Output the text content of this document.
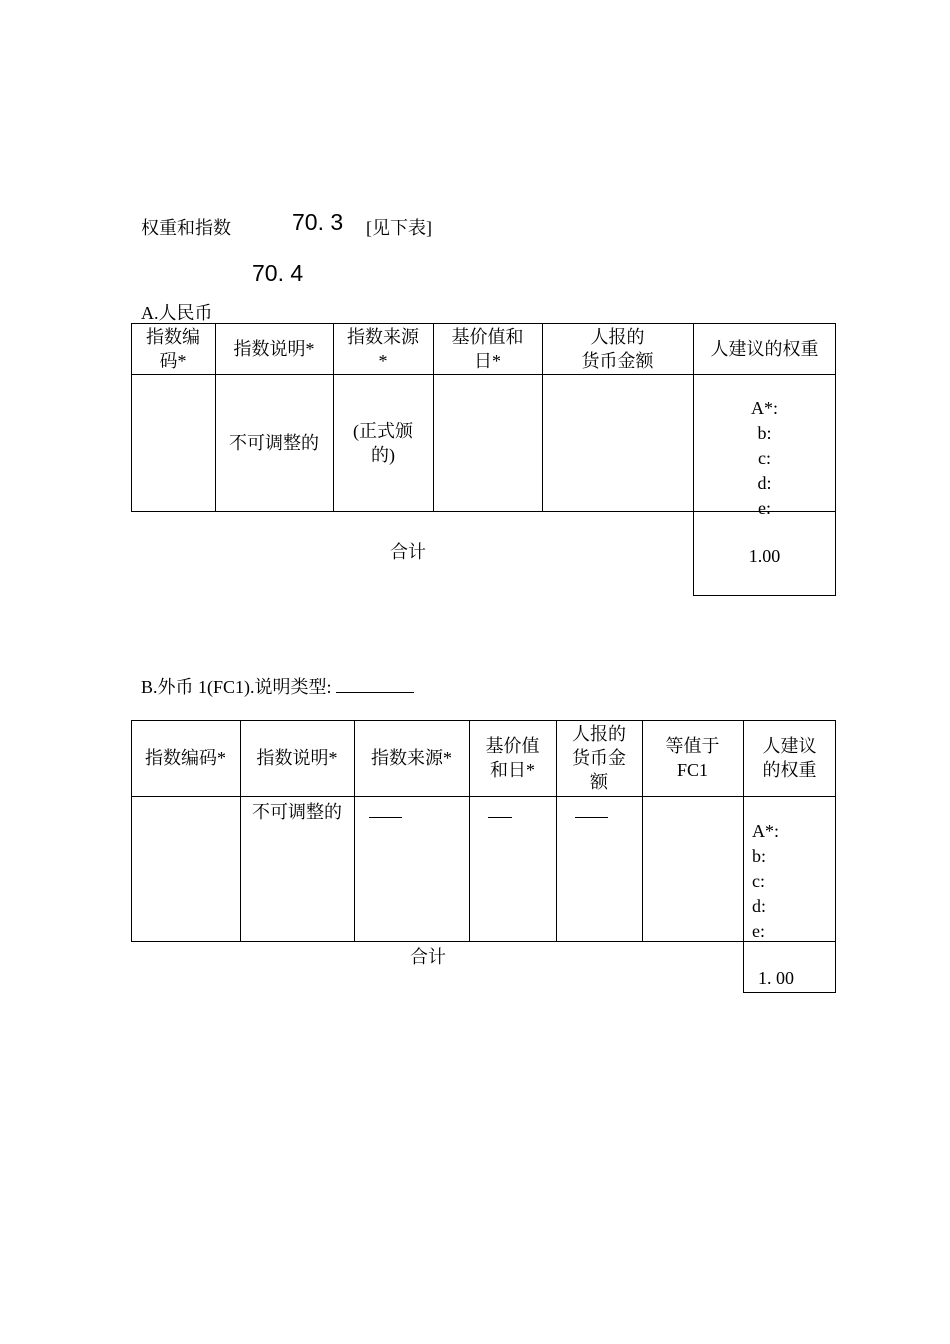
权重和指数	70. 3 [见下表]
70. 4
A.人民币
指数编
码*
指数说明*
指数来源
*
基价值和
日*
人报的
货币金额
人建议的权重
不可调整的
(正式颁
的)
A*:
b:
c:
d:
e:
1.00
合计
B.外币 1(FC1).说明类型:
指数编码* 指数说明* 指数来源*
基价值
和日*
人报的
货币金
额
等值于
FC1
人建议
的权重
不可调整的
A*:
b:
c:
d:
e:
1. 00
合计
